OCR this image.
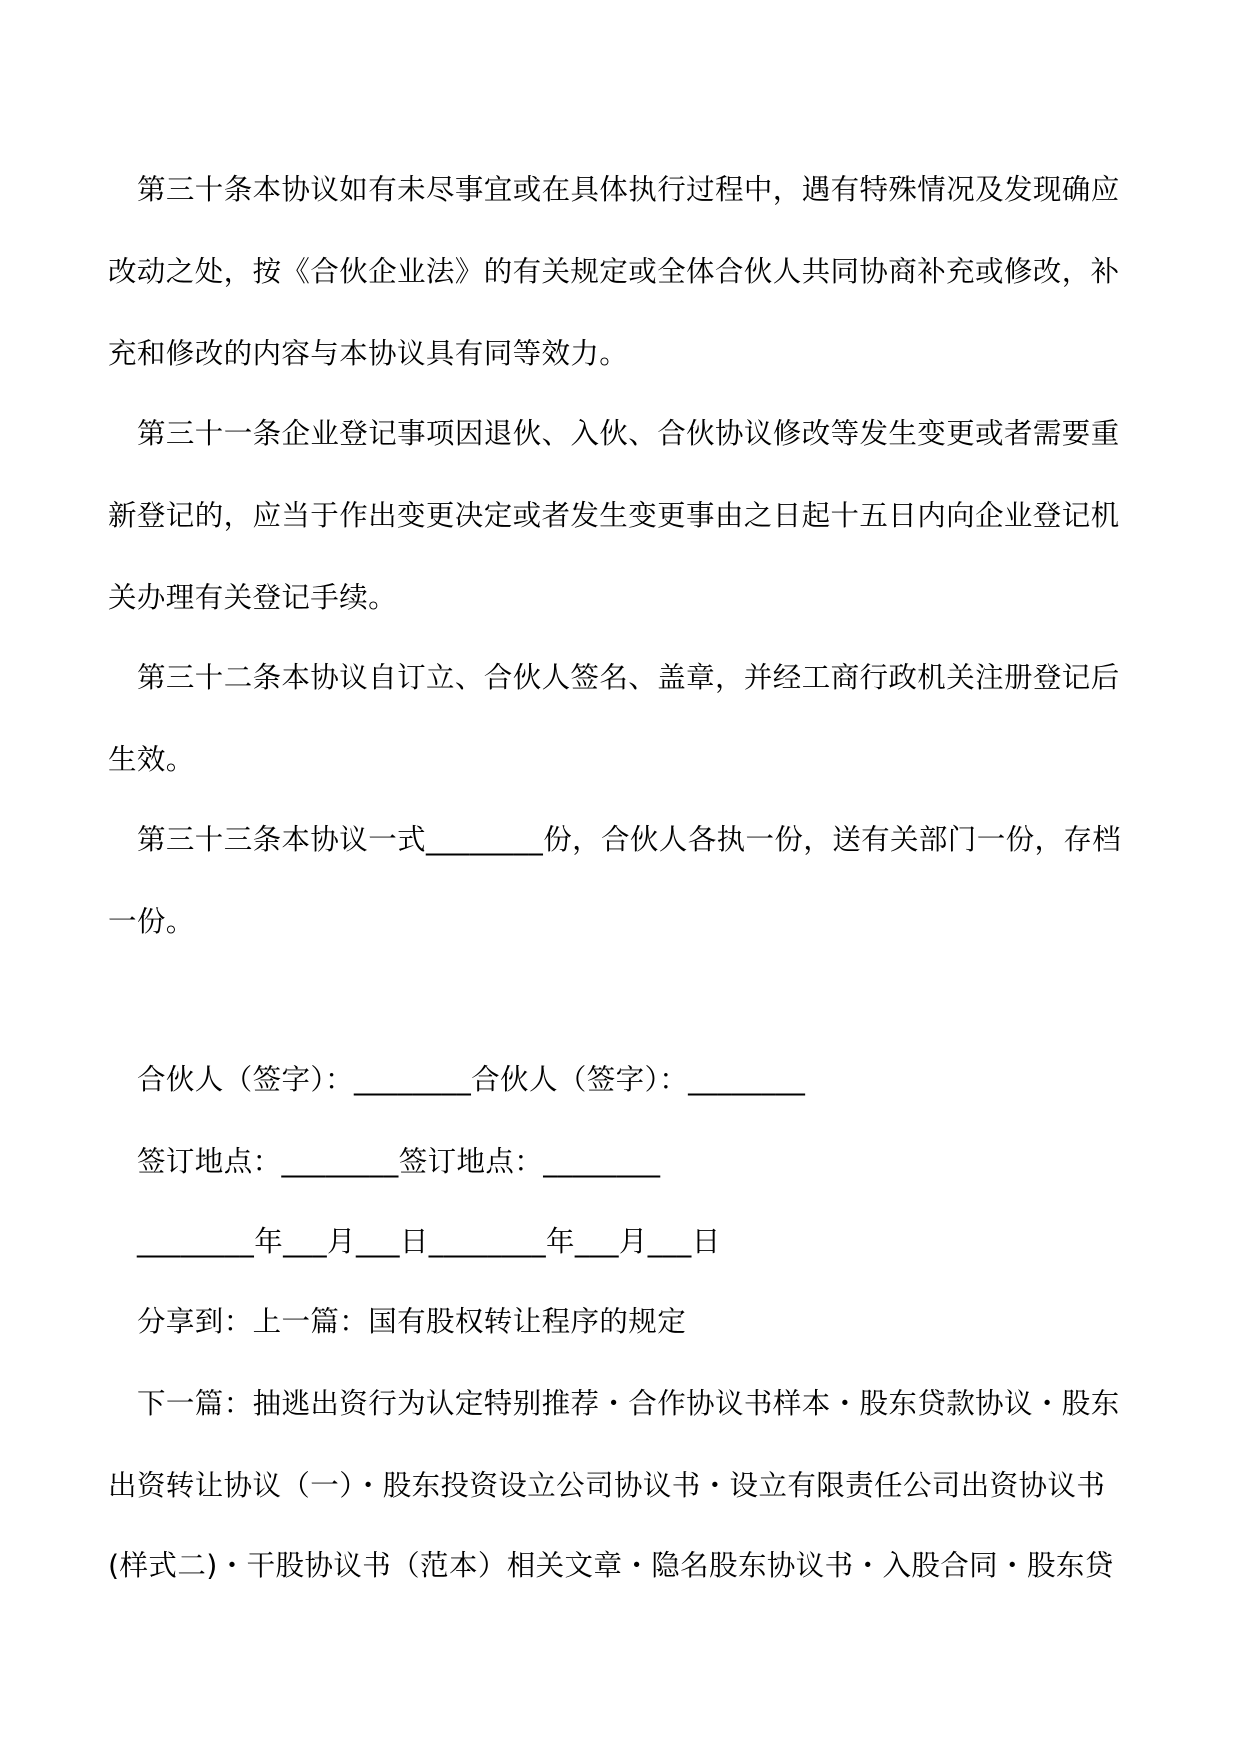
第三十条本协议如有未尽事宜或在具体执行过程中，遇有特殊情况及发现确应
改动之处，按《合伙企业法》的有关规定或全体合伙人共同协商补充或修改，补
充和修改的内容与本协议具有同等效力。
第三十一条企业登记事项因退伙、入伙、合伙协议修改等发生变更或者需要重
新登记的，应当于作出变更决定或者发生变更事由之日起十五日内向企业登记机
关办理有关登记手续。
第三十二条本协议自订立、合伙人签名、盖章，并经工商行政机关注册登记后
生效。
第三十三条本协议一式________份，合伙人各执一份，送有关部门一份，存档
一份。
合伙人（签字）：________合伙人（签字）：________
签订地点：________签订地点：________
________年___月___日________年___月___日
分享到：上一篇：国有股权转让程序的规定
下一篇：抽逃出资行为认定特别推荐・合作协议书样本・股东贷款协议・股东
出资转让协议（一）・股东投资设立公司协议书・设立有限责任公司出资协议书
(样式二)・干股协议书（范本）相关文章・隐名股东协议书・入股合同・股东贷
